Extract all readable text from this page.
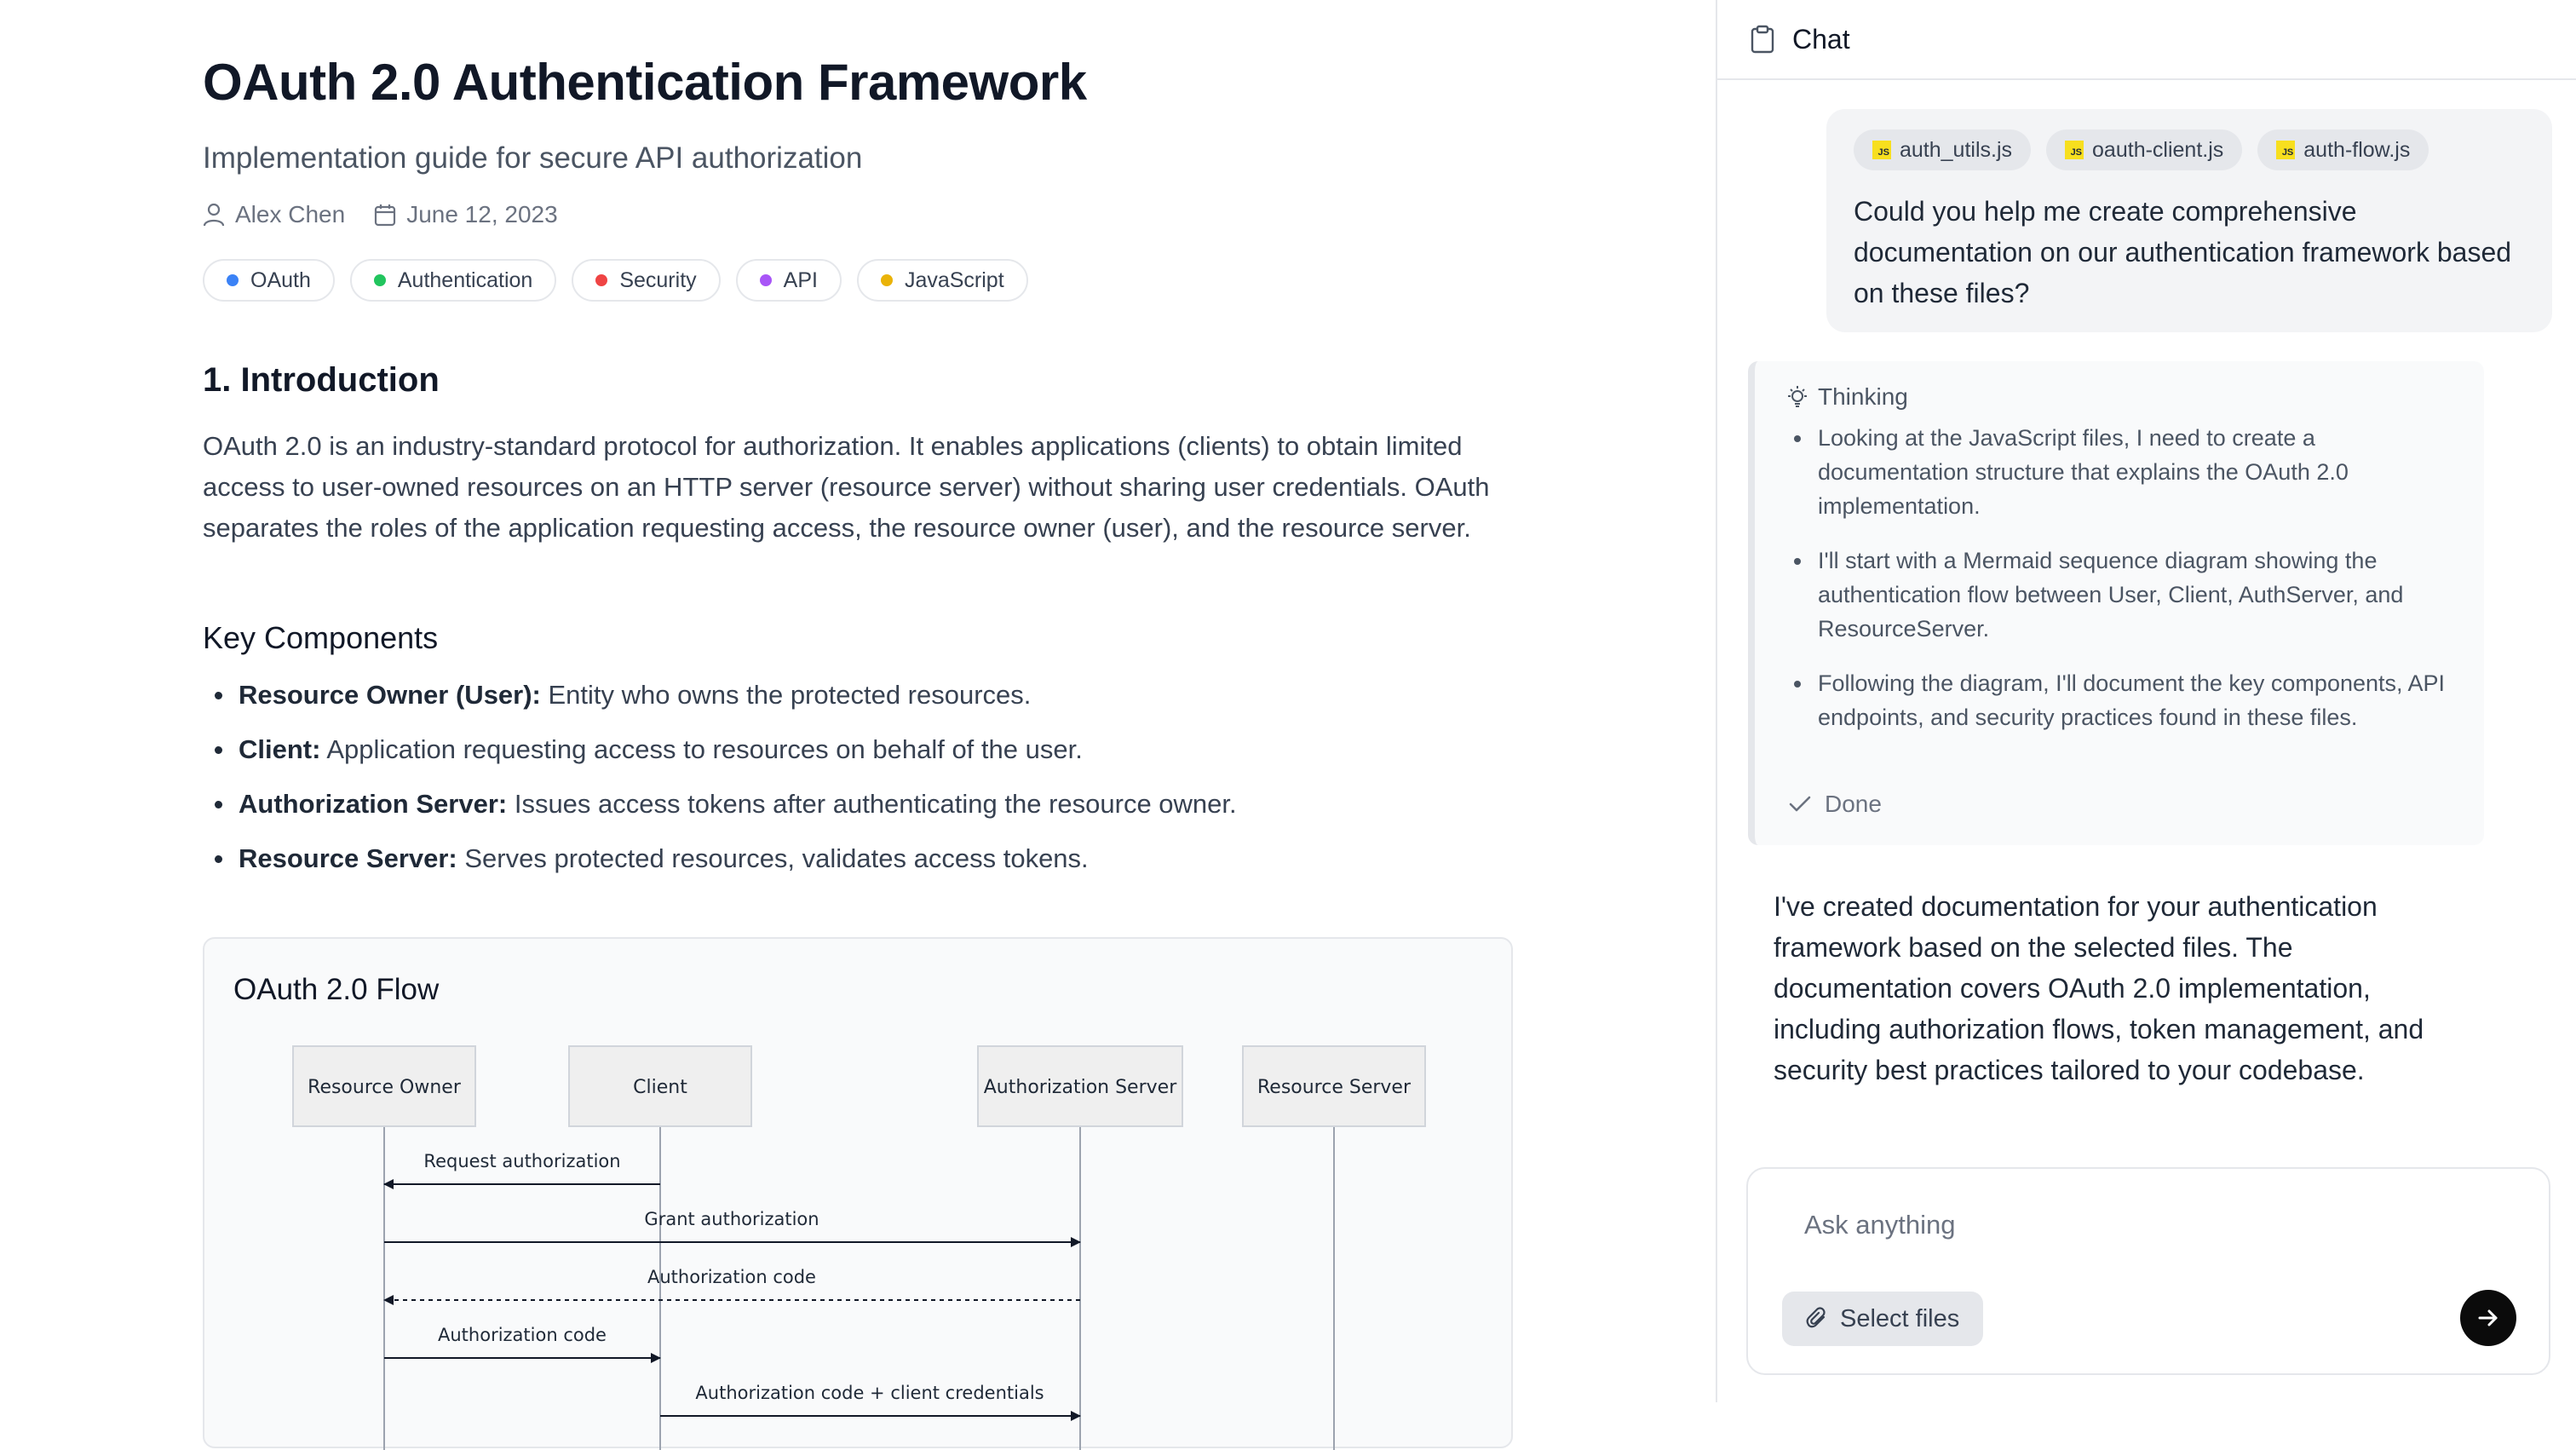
OAuth 2.0 Authentication Framework

Implementation guide for secure API authorization

Alex Chen	June 12, 2023
OAuth	Authentication	Security	API	JavaScript
1. Introduction

OAuth 2.0 is an industry-standard protocol for authorization. It enables applications (clients) to obtain limited access to user-owned resources on an HTTP server (resource server) without sharing user credentials. OAuth separates the roles of the application requesting access, the resource owner (user), and the resource server.

Key Components
Resource Owner (User): Entity who owns the protected resources.
Client: Application requesting access to resources on behalf of the user.
Authorization Server: Issues access tokens after authenticating the resource owner.
Resource Server: Serves protected resources, validates access tokens.
OAuth 2.0 Flow
Resource Owner	Client	Authorization Server	Resource Server
Request authorization
Grant authorization
Authorization code
Authorization code
Authorization code + client credentials
Chat
JS auth_utils.js	JS oauth-client.js	JS auth-flow.js

Could you help me create comprehensive documentation on our authentication framework based on these files?

Thinking
Looking at the JavaScript files, I need to create a documentation structure that explains the OAuth 2.0 implementation.
I'll start with a Mermaid sequence diagram showing the authentication flow between User, Client, AuthServer, and ResourceServer.
Following the diagram, I'll document the key components, API endpoints, and security practices found in these files.
Done

I've created documentation for your authentication framework based on the selected files. The documentation covers OAuth 2.0 implementation, including authorization flows, token management, and security best practices tailored to your codebase.

Ask anything
Select files
